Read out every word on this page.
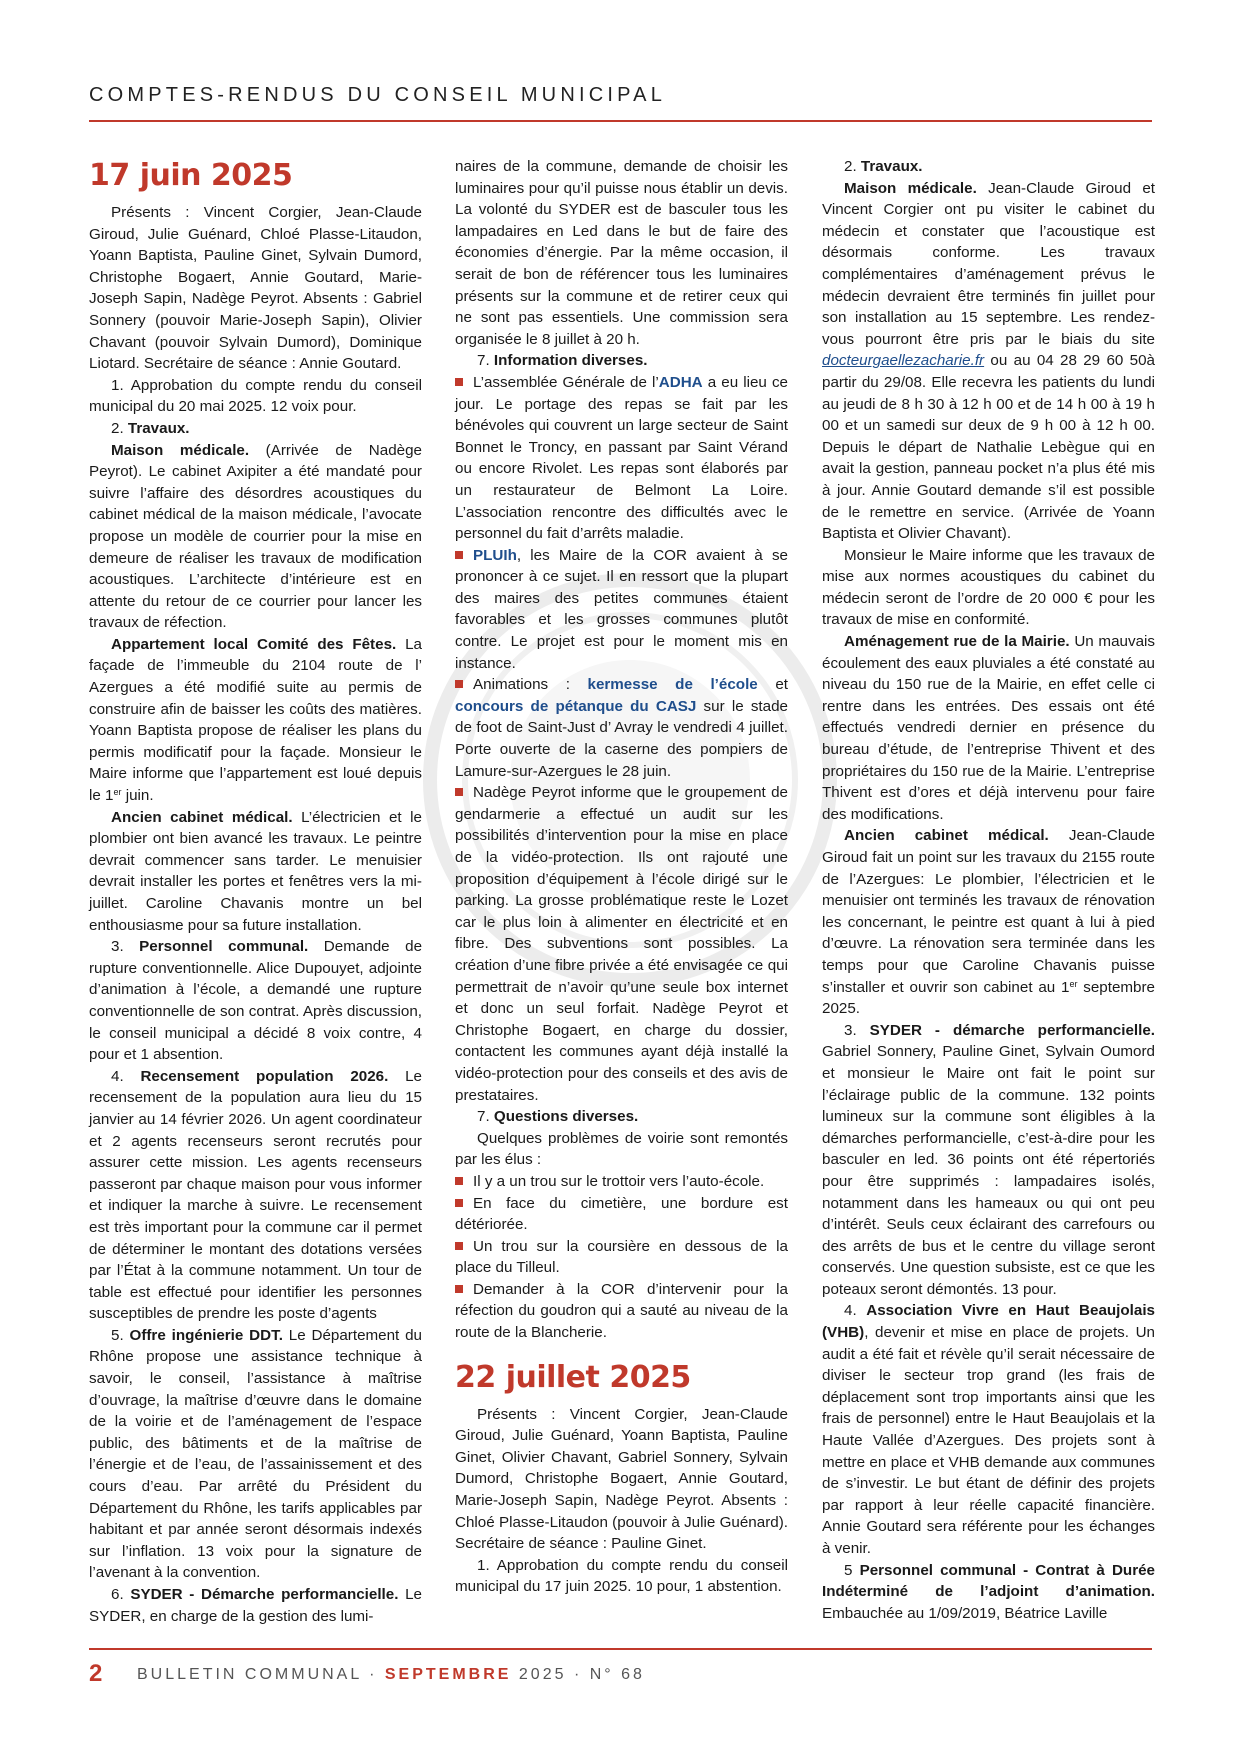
COMPTES-RENDUS DU CONSEIL MUNICIPAL
17 juin 2025

Présents : Vincent Corgier, Jean-Claude Giroud, Julie Guénard, Chloé Plasse-Litaudon, Yoann Baptista, Pauline Ginet, Sylvain Dumord, Christophe Bogaert, Annie Goutard, Marie-Joseph Sapin, Nadège Peyrot. Absents : Gabriel Sonnery (pouvoir Marie-Joseph Sapin), Olivier Chavant (pouvoir Sylvain Dumord), Dominique Liotard. Secrétaire de séance : Annie Goutard.

1. Approbation du compte rendu du conseil municipal du 20 mai 2025. 12 voix pour.

2. Travaux.

Maison médicale. (Arrivée de Nadège Peyrot). Le cabinet Axipiter a été mandaté pour suivre l’affaire des désordres acoustiques du cabinet médical de la maison médicale, l’avocate propose un modèle de courrier pour la mise en demeure de réaliser les travaux de modification acoustiques. L’architecte d’intérieure est en attente du retour de ce courrier pour lancer les travaux de réfection.

Appartement local Comité des Fêtes. La façade de l’immeuble du 2104 route de l’ Azergues a été modifié suite au permis de construire afin de baisser les coûts des matières. Yoann Baptista propose de réaliser les plans du permis modificatif pour la façade. Monsieur le Maire informe que l’appartement est loué depuis le 1er juin.

Ancien cabinet médical. L’électricien et le plombier ont bien avancé les travaux. Le peintre devrait commencer sans tarder. Le menuisier devrait installer les portes et fenêtres vers la mi-juillet. Caroline Chavanis montre un bel enthousiasme pour sa future installation.

3. Personnel communal. Demande de rupture conventionnelle. Alice Dupouyet, adjointe d’animation à l’école, a demandé une rupture conventionnelle de son contrat. Après discussion, le conseil municipal a décidé 8 voix contre, 4 pour et 1 absention.

4. Recensement population 2026. Le recensement de la population aura lieu du 15 janvier au 14 février 2026. Un agent coordinateur et 2 agents recenseurs seront recrutés pour assurer cette mission. Les agents recenseurs passeront par chaque maison pour vous informer et indiquer la marche à suivre. Le recensement est très important pour la commune car il permet de déterminer le montant des dotations versées par l’État à la commune notamment. Un tour de table est effectué pour identifier les personnes susceptibles de prendre les poste d’agents

5. Offre ingénierie DDT. Le Département du Rhône propose une assistance technique à savoir, le conseil, l’assistance à maîtrise d’ouvrage, la maîtrise d’œuvre dans le domaine de la voirie et de l’aménagement de l’espace public, des bâtiments et de la maîtrise de l’énergie et de l’eau, de l’assainissement et des cours d’eau. Par arrêté du Président du Département du Rhône, les tarifs applicables par habitant et par année seront désormais indexés sur l’inflation. 13 voix pour la signature de l’avenant à la convention.

6. SYDER - Démarche performancielle. Le SYDER, en charge de la gestion des lumi-

naires de la commune, demande de choisir les luminaires pour qu’il puisse nous établir un devis. La volonté du SYDER est de basculer tous les lampadaires en Led dans le but de faire des économies d’énergie. Par la même occasion, il serait de bon de référencer tous les luminaires présents sur la commune et de retirer ceux qui ne sont pas essentiels. Une commission sera organisée le 8 juillet à 20 h.

7. Information diverses.

L’assemblée Générale de l’ADHA a eu lieu ce jour. Le portage des repas se fait par les bénévoles qui couvrent un large secteur de Saint Bonnet le Troncy, en passant par Saint Vérand ou encore Rivolet. Les repas sont élaborés par un restaurateur de Belmont La Loire. L’association rencontre des difficultés avec le personnel du fait d’arrêts maladie.

PLUIh, les Maire de la COR avaient à se prononcer à ce sujet. Il en ressort que la plupart des maires des petites communes étaient favorables et les grosses communes plutôt contre. Le projet est pour le moment mis en instance.

Animations : kermesse de l’école et concours de pétanque du CASJ sur le stade de foot de Saint-Just d’ Avray le vendredi 4 juillet. Porte ouverte de la caserne des pompiers de Lamure-sur-Azergues le 28 juin.

Nadège Peyrot informe que le groupement de gendarmerie a effectué un audit sur les possibilités d’intervention pour la mise en place de la vidéo-protection. Ils ont rajouté une proposition d’équipement à l’école dirigé sur le parking. La grosse problématique reste le Lozet car le plus loin à alimenter en électricité et en fibre. Des subventions sont possibles. La création d’une fibre privée a été envisagée ce qui permettrait de n’avoir qu’une seule box internet et donc un seul forfait. Nadège Peyrot et Christophe Bogaert, en charge du dossier, contactent les communes ayant déjà installé la vidéo-protection pour des conseils et des avis de prestataires.

7. Questions diverses.

Quelques problèmes de voirie sont remontés par les élus :

Il y a un trou sur le trottoir vers l’auto-école.

En face du cimetière, une bordure est détériorée.

Un trou sur la coursière en dessous de la place du Tilleul.

Demander à la COR d’intervenir pour la réfection du goudron qui a sauté au niveau de la route de la Blancherie.

22 juillet 2025

Présents : Vincent Corgier, Jean-Claude Giroud, Julie Guénard, Yoann Baptista, Pauline Ginet, Olivier Chavant, Gabriel Sonnery, Sylvain Dumord, Christophe Bogaert, Annie Goutard, Marie-Joseph Sapin, Nadège Peyrot. Absents : Chloé Plasse-Litaudon (pouvoir à Julie Guénard). Secrétaire de séance : Pauline Ginet.

1. Approbation du compte rendu du conseil municipal du 17 juin 2025. 10 pour, 1 abstention.

2. Travaux.

Maison médicale. Jean-Claude Giroud et Vincent Corgier ont pu visiter le cabinet du médecin et constater que l’acoustique est désormais conforme. Les travaux complémentaires d’aménagement prévus le médecin devraient être terminés fin juillet pour son installation au 15 septembre. Les rendez-vous pourront être pris par le biais du site docteurgaellezacharie.fr ou au 04 28 29 60 50à partir du 29/08. Elle recevra les patients du lundi au jeudi de 8 h 30 à 12 h 00 et de 14 h 00 à 19 h 00 et un samedi sur deux de 9 h 00 à 12 h 00. Depuis le départ de Nathalie Lebègue qui en avait la gestion, panneau pocket n’a plus été mis à jour. Annie Goutard demande s’il est possible de le remettre en service. (Arrivée de Yoann Baptista et Olivier Chavant).

Monsieur le Maire informe que les travaux de mise aux normes acoustiques du cabinet du médecin seront de l’ordre de 20 000 € pour les travaux de mise en conformité.

Aménagement rue de la Mairie. Un mauvais écoulement des eaux pluviales a été constaté au niveau du 150 rue de la Mairie, en effet celle ci rentre dans les entrées. Des essais ont été effectués vendredi dernier en présence du bureau d’étude, de l’entreprise Thivent et des propriétaires du 150 rue de la Mairie. L’entreprise Thivent est d’ores et déjà intervenu pour faire des modifications.

Ancien cabinet médical. Jean-Claude Giroud fait un point sur les travaux du 2155 route de l’Azergues: Le plombier, l’électricien et le menuisier ont terminés les travaux de rénovation les concernant, le peintre est quant à lui à pied d’œuvre. La rénovation sera terminée dans les temps pour que Caroline Chavanis puisse s’installer et ouvrir son cabinet au 1er septembre 2025.

3. SYDER - démarche performancielle. Gabriel Sonnery, Pauline Ginet, Sylvain Oumord et monsieur le Maire ont fait le point sur l’éclairage public de la commune. 132 points lumineux sur la commune sont éligibles à la démarches performancielle, c’est-à-dire pour les basculer en led. 36 points ont été répertoriés pour être supprimés : lampadaires isolés, notamment dans les hameaux ou qui ont peu d’intérêt. Seuls ceux éclairant des carrefours ou des arrêts de bus et le centre du village seront conservés. Une question subsiste, est ce que les poteaux seront démontés. 13 pour.

4. Association Vivre en Haut Beaujolais (VHB), devenir et mise en place de projets. Un audit a été fait et révèle qu’il serait nécessaire de diviser le secteur trop grand (les frais de déplacement sont trop importants ainsi que les frais de personnel) entre le Haut Beaujolais et la Haute Vallée d’Azergues. Des projets sont à mettre en place et VHB demande aux communes de s’investir. Le but étant de définir des projets par rapport à leur réelle capacité financière. Annie Goutard sera référente pour les échanges à venir.

5 Personnel communal - Contrat à Durée Indéterminé de l’adjoint d’animation. Embauchée au 1/09/2019, Béatrice Laville

2 BULLETIN COMMUNAL · SEPTEMBRE 2025 · N° 68
